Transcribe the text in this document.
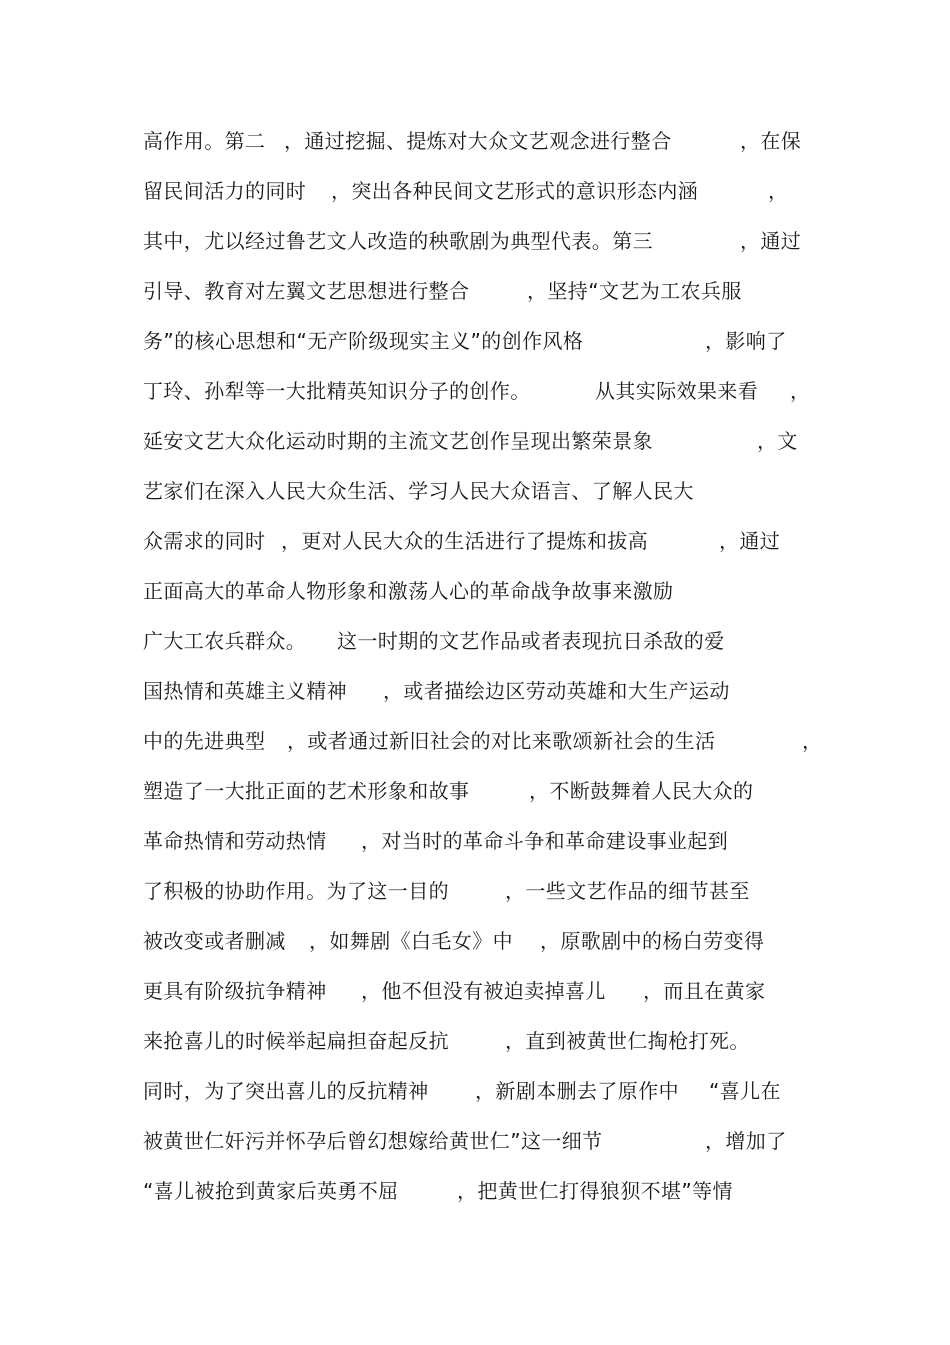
高作用。第二

，通过挖掘、提炼对大众文艺观念进行整合

	，在保

留民间活力的同时

，突出各种民间文艺形式的意识形态内涵

	，

其中，尤以经过鲁艺文人改造的秧歌剧为典型代表。第三

	，通过

引导、教育对左翼文艺思想进行整合

	，坚持“文艺为工农兵服

务”的核心思想和“无产阶级现实主义”的创作风格

	，影响了

丁玲、孙犁等一大批精英知识分子的创作。

	从其实际效果来看

，

延安文艺大众化运动时期的主流文艺创作呈现出繁荣景象

	，文

艺家们在深入人民大众生活、学习人民大众语言、了解人民大

众需求的同时

，更对人民大众的生活进行了提炼和拔高

	，通过

正面高大的革命人物形象和激荡人心的革命战争故事来激励

广大工农兵群众。

这一时期的文艺作品或者表现抗日杀敌的爱

国热情和英雄主义精神

，或者描绘边区劳动英雄和大生产运动

中的先进典型

，或者通过新旧社会的对比来歌颂新社会的生活

	，

塑造了一大批正面的艺术形象和故事

	，不断鼓舞着人民大众的

革命热情和劳动热情

，对当时的革命斗争和革命建设事业起到

了积极的协助作用。为了这一目的

	，一些文艺作品的细节甚至

被改变或者删减

，如舞剧《白毛女》中

，原歌剧中的杨白劳变得

更具有阶级抗争精神

，他不但没有被迫卖掉喜儿

，而且在黄家

来抢喜儿的时候举起扁担奋起反抗

	，直到被黄世仁掏枪打死。

同时，为了突出喜儿的反抗精神

，新剧本删去了原作中

“喜儿在

被黄世仁奸污并怀孕后曾幻想嫁给黄世仁”这一细节

	，增加了

“喜儿被抢到黄家后英勇不屈

	，把黄世仁打得狼狈不堪”等情
